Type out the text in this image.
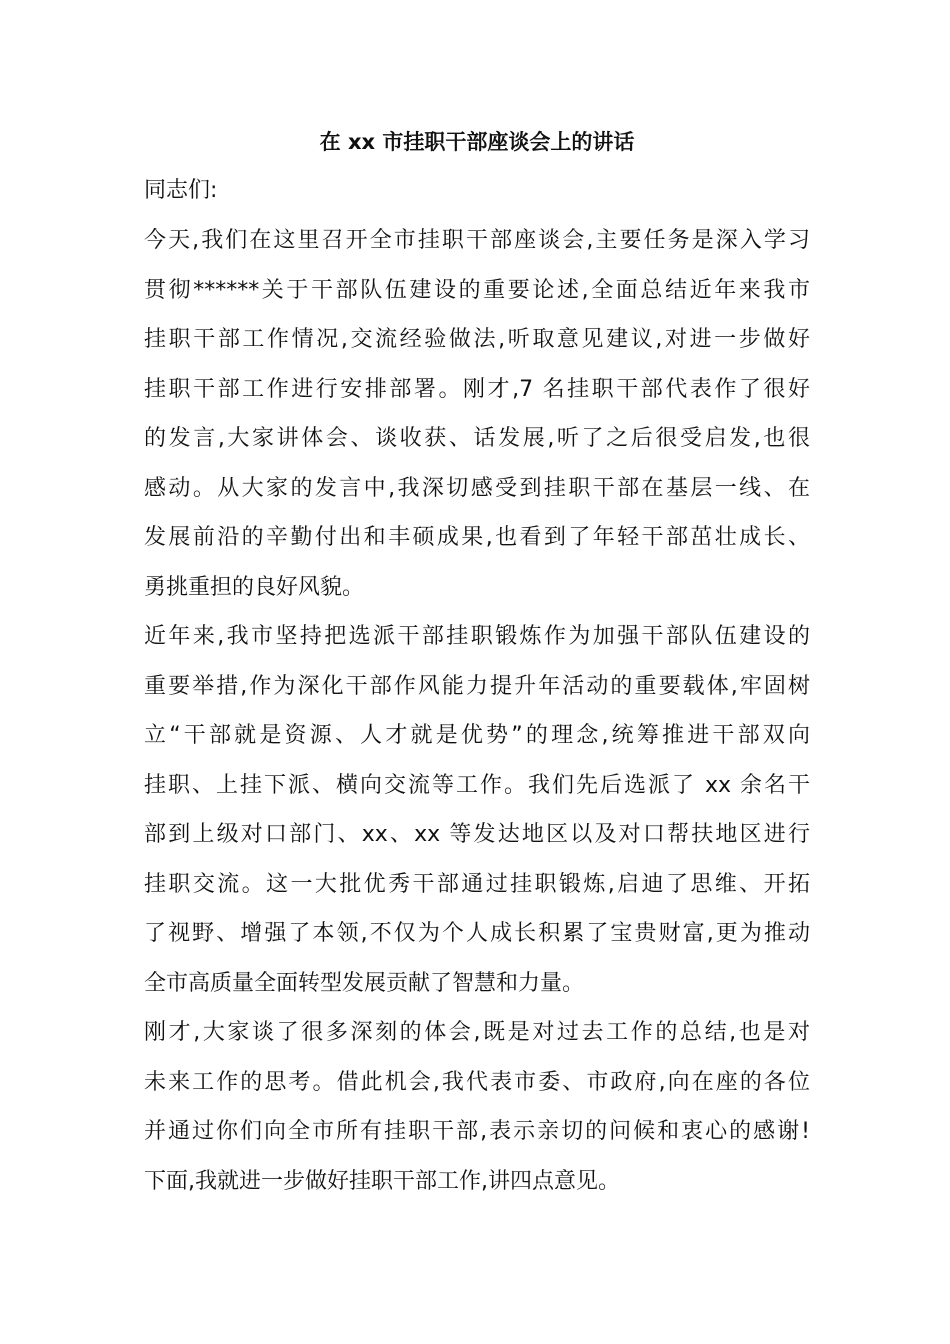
在 xx 市挂职干部座谈会上的讲话

同志们:

今天,我们在这里召开全市挂职干部座谈会,主要任务是深入学习
贯彻******关于干部队伍建设的重要论述,全面总结近年来我市
挂职干部工作情况,交流经验做法,听取意见建议,对进一步做好
挂职干部工作进行安排部署。刚才,7 名挂职干部代表作了很好
的发言,大家讲体会、谈收获、话发展,听了之后很受启发,也很
感动。从大家的发言中,我深切感受到挂职干部在基层一线、在
发展前沿的辛勤付出和丰硕成果,也看到了年轻干部茁壮成长、
勇挑重担的良好风貌。
近年来,我市坚持把选派干部挂职锻炼作为加强干部队伍建设的
重要举措,作为深化干部作风能力提升年活动的重要载体,牢固树
立“干部就是资源、人才就是优势”的理念,统筹推进干部双向
挂职、上挂下派、横向交流等工作。我们先后选派了 xx 余名干
部到上级对口部门、xx、xx 等发达地区以及对口帮扶地区进行
挂职交流。这一大批优秀干部通过挂职锻炼,启迪了思维、开拓
了视野、增强了本领,不仅为个人成长积累了宝贵财富,更为推动
全市高质量全面转型发展贡献了智慧和力量。
刚才,大家谈了很多深刻的体会,既是对过去工作的总结,也是对
未来工作的思考。借此机会,我代表市委、市政府,向在座的各位
并通过你们向全市所有挂职干部,表示亲切的问候和衷心的感谢!
下面,我就进一步做好挂职干部工作,讲四点意见。
